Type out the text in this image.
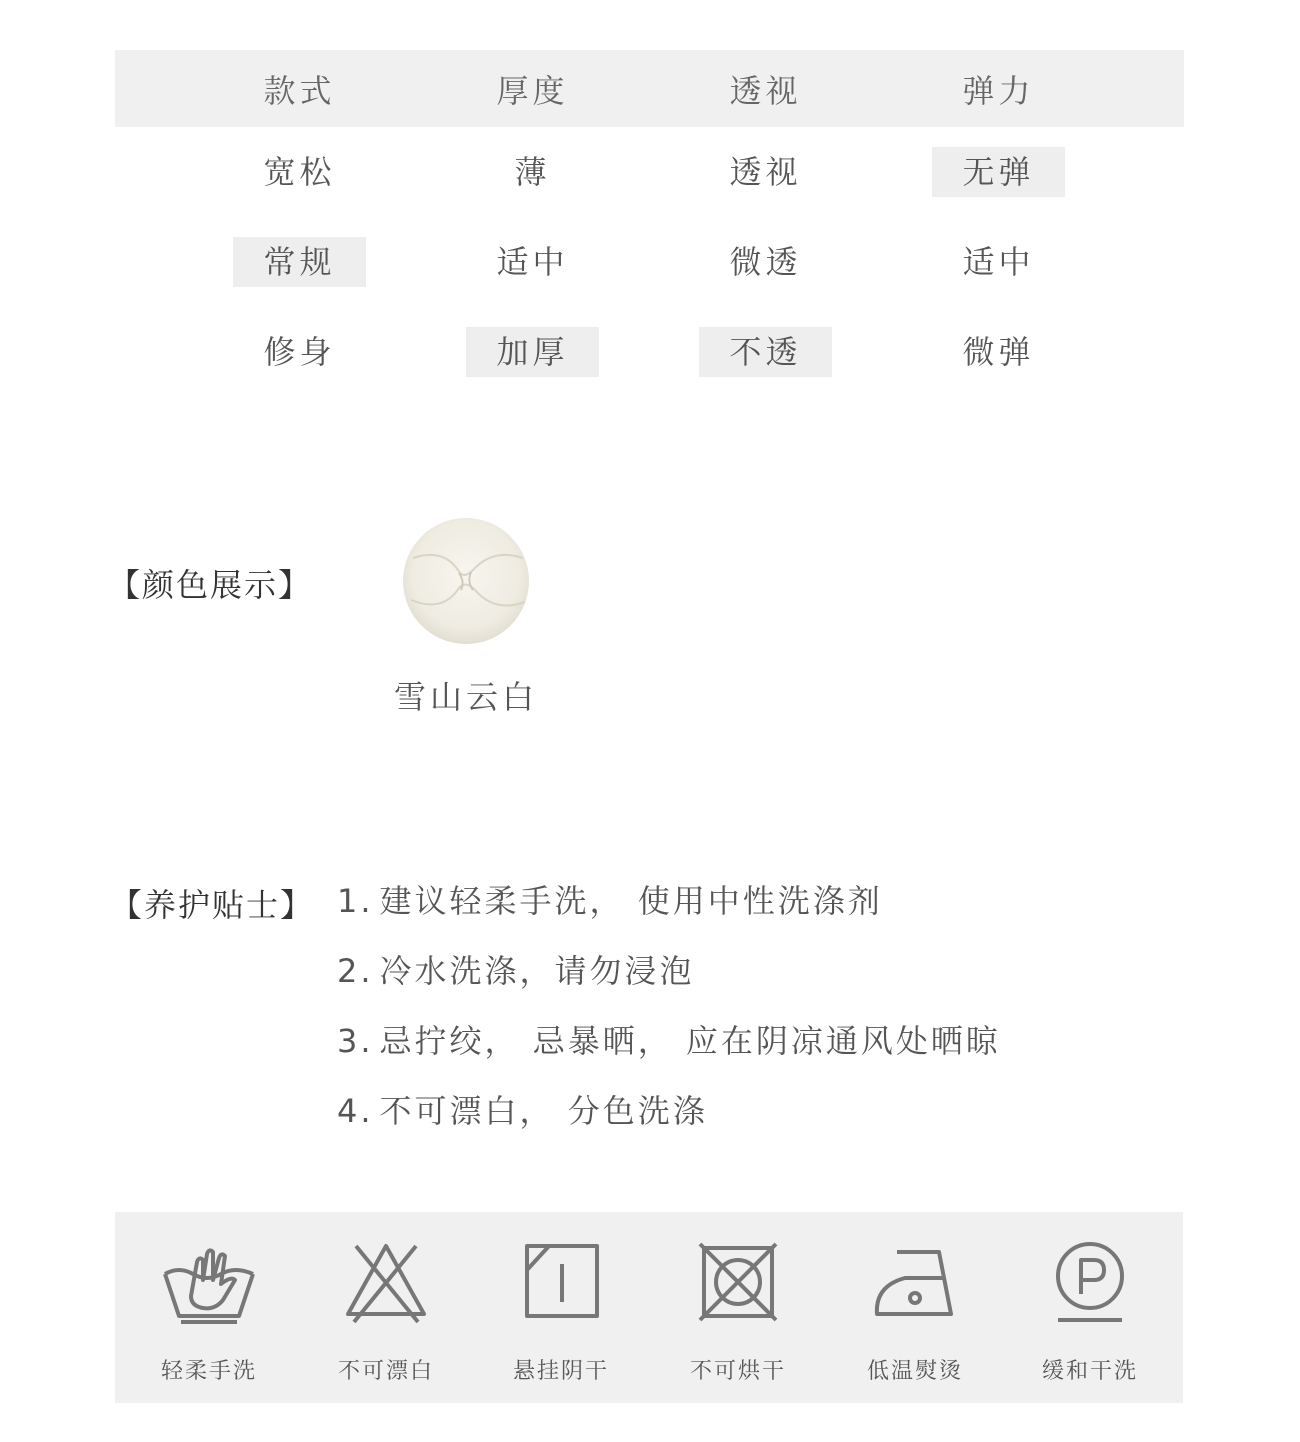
款式	厚度	透视	弹力
宽松	薄	透视	无弹
常规	适中	微透	适中
修身	加厚	不透	微弹
【颜色展示】
雪山云白
【养护贴士】 1. 建议轻柔手洗， 使用中性洗涤剂
2. 冷水洗涤，请勿浸泡
3. 忌拧绞， 忌暴晒， 应在阴凉通风处晒晾
4. 不可漂白， 分色洗涤
轻柔手洗	不可漂白	悬挂阴干	不可烘干	低温熨烫	缓和干洗
